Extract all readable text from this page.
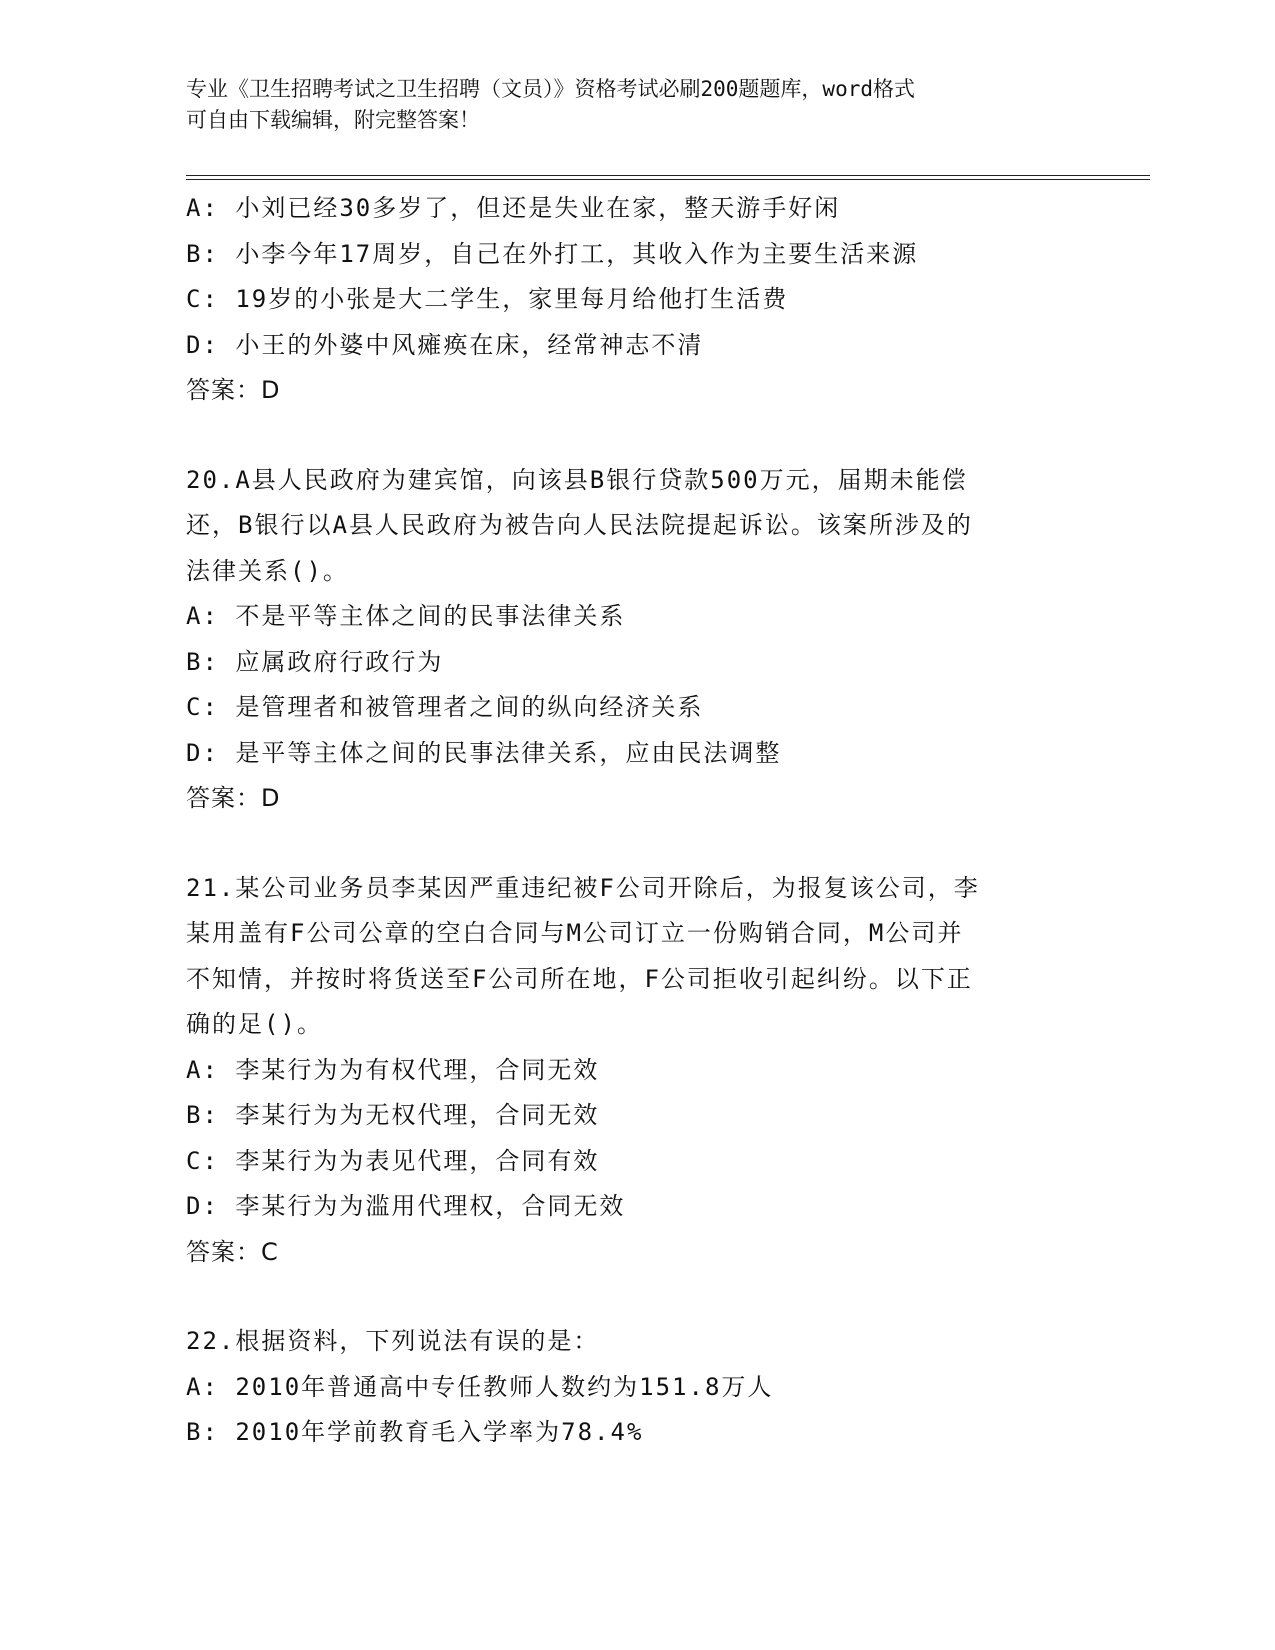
专业《卫生招聘考试之卫生招聘（文员）》资格考试必刷200题题库，word格式
可自由下载编辑，附完整答案！
A: 小刘已经30多岁了，但还是失业在家，整天游手好闲
B: 小李今年17周岁，自己在外打工，其收入作为主要生活来源
C: 19岁的小张是大二学生，家里每月给他打生活费
D: 小王的外婆中风瘫痪在床，经常神志不清
答案：D
20.A县人民政府为建宾馆，向该县B银行贷款500万元，届期未能偿
还，B银行以A县人民政府为被告向人民法院提起诉讼。该案所涉及的
法律关系()。
A: 不是平等主体之间的民事法律关系
B: 应属政府行政行为
C: 是管理者和被管理者之间的纵向经济关系
D: 是平等主体之间的民事法律关系，应由民法调整
答案：D
21.某公司业务员李某因严重违纪被F公司开除后，为报复该公司，李
某用盖有F公司公章的空白合同与M公司订立一份购销合同，M公司并
不知情，并按时将货送至F公司所在地，F公司拒收引起纠纷。以下正
确的足()。
A: 李某行为为有权代理，合同无效
B: 李某行为为无权代理，合同无效
C: 李某行为为表见代理，合同有效
D: 李某行为为滥用代理权，合同无效
答案：C
22.根据资料，下列说法有误的是：
A: 2010年普通高中专任教师人数约为151.8万人
B: 2010年学前教育毛入学率为78.4%
